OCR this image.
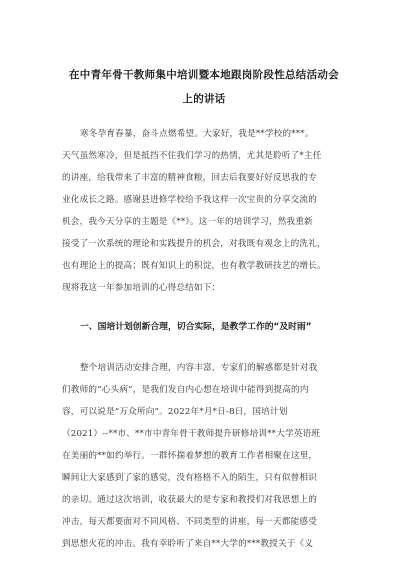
在中青年骨干教师集中培训暨本地跟岗阶段性总结活动会
上的讲话
寒冬孕育春暴，奋斗点燃希望。大家好，我是**学校的***。
天气虽然寒冷，但是抵挡不住我们学习的热情，尤其是聆听了*主任
的讲座，给我带来了丰富的精神食粮，回去后我要好好反思我的专
业化成长之路。感谢县进修学校给予我这样一次宝贵的分享交流的
机会，我今天分享的主题是《**》。这一年的培训学习，然我重新
接受了一次系统的理论和实践提升的机会，对我既有观念上的洗礼，
也有理论上的提高；既有知识上的积淀，也有教学教研技艺的增长。
现将我这一年参加培训的心得总结如下：
一、国培计划创新合理，切合实际，是教学工作的“及时雨”
整个培训活动安排合理，内容丰富，专家们的解惑都是针对我
们教师的“心头病”，是我们发自内心想在培训中能得到提高的内
容，可以说是“万众所向”。2022年*月*日-8日，国培计划
（2021）--**市、**市中青年骨干教师提升研修培训**大学英语班
在美丽的**如约举行。一群怀揣着梦想的教育工作者相聚在这里，
瞬间让大家感到了家的感觉，没有格格不入的陌生，只有似曾相识
的亲切。通过这次培训，收获最大的是专家和教授们对我思想上的
冲击，每天都要面对不同风格、不同类型的讲座，每一天都能感受
到思想火花的冲击。我有幸聆听了来自**大学的***教授关于《义
